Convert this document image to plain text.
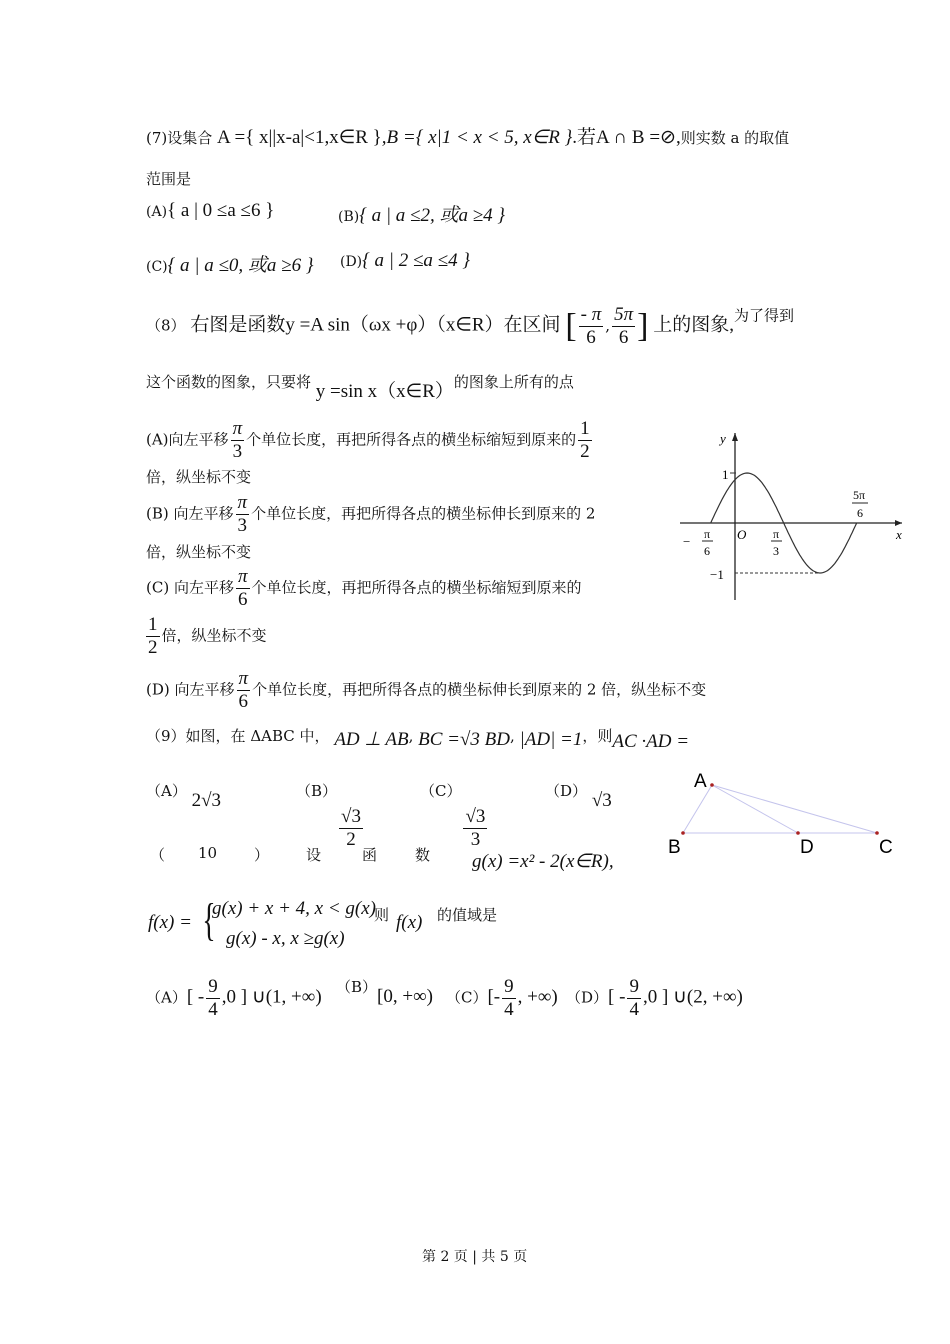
(7)设集合 A ={ x||x-a|<1,x∈R },B ={ x|1 < x < 5, x∈R }.若A ∩ B =⊘,则实数 a 的取值
范围是
(A){ a | 0 ≤a ≤6 }	(B){ a | a ≤2, 或a ≥4 }
(C){ a | a ≤0, 或a ≥6 } (D){ a | 2 ≤a ≤4 }
（8） 右图是函数y =A sin（ωx +φ）（x∈R）在区间 [ $\frac{- \pi}{6}$ , $\frac{5\pi}{6}$ ] 上的图象,为了得到
这个函数的图象，只要将 y =sin x（x∈R）的图象上所有的点
(A)向左平移 $\frac{\pi}{3}$ 个单位长度，再把所得各点的横坐标缩短到原来的 $\frac{1}{2}$
倍，纵坐标不变
(B) 向左平移 $\frac{\pi}{3}$ 个单位长度，再把所得各点的横坐标伸长到原来的 2
倍，纵坐标不变
(C) 向左平移 $\frac{\pi}{6}$ 个单位长度，再把所得各点的横坐标缩短到原来的
$\frac{1}{2}$ 倍，纵坐标不变
(D) 向左平移 $\frac{\pi}{6}$ 个单位长度，再把所得各点的横坐标伸长到原来的 2 倍，纵坐标不变
y
x
O
1
−1
− π
6
π
3
5π
6
（9）如图，在 ΔABC 中， AD ⊥ AB, BC =√3 BD, |AD| =1，则AC ·AD =
（A） 2√3	（B）
$\frac{√3}{2}$
（C）
$\frac{√3}{3}$
（D） √3
A
B	D	C
（ 10 ） 设	函	数 g(x) =x² - 2(x∈R),
f(x) = {
g(x) + x + 4, x < g(x)
g(x) - x, x ≥g(x)
则 f(x) 的值域是
$(A)[ - \frac{9}{4} ,0$ ] ∪(1, +∞) （B）[0, +∞) $(C)[- \frac{9}{4}$ , +∞) $(D)[ - \frac{9}{4} ,0$ ] ∪(2, +∞)
第 2 页 | 共 5 页
